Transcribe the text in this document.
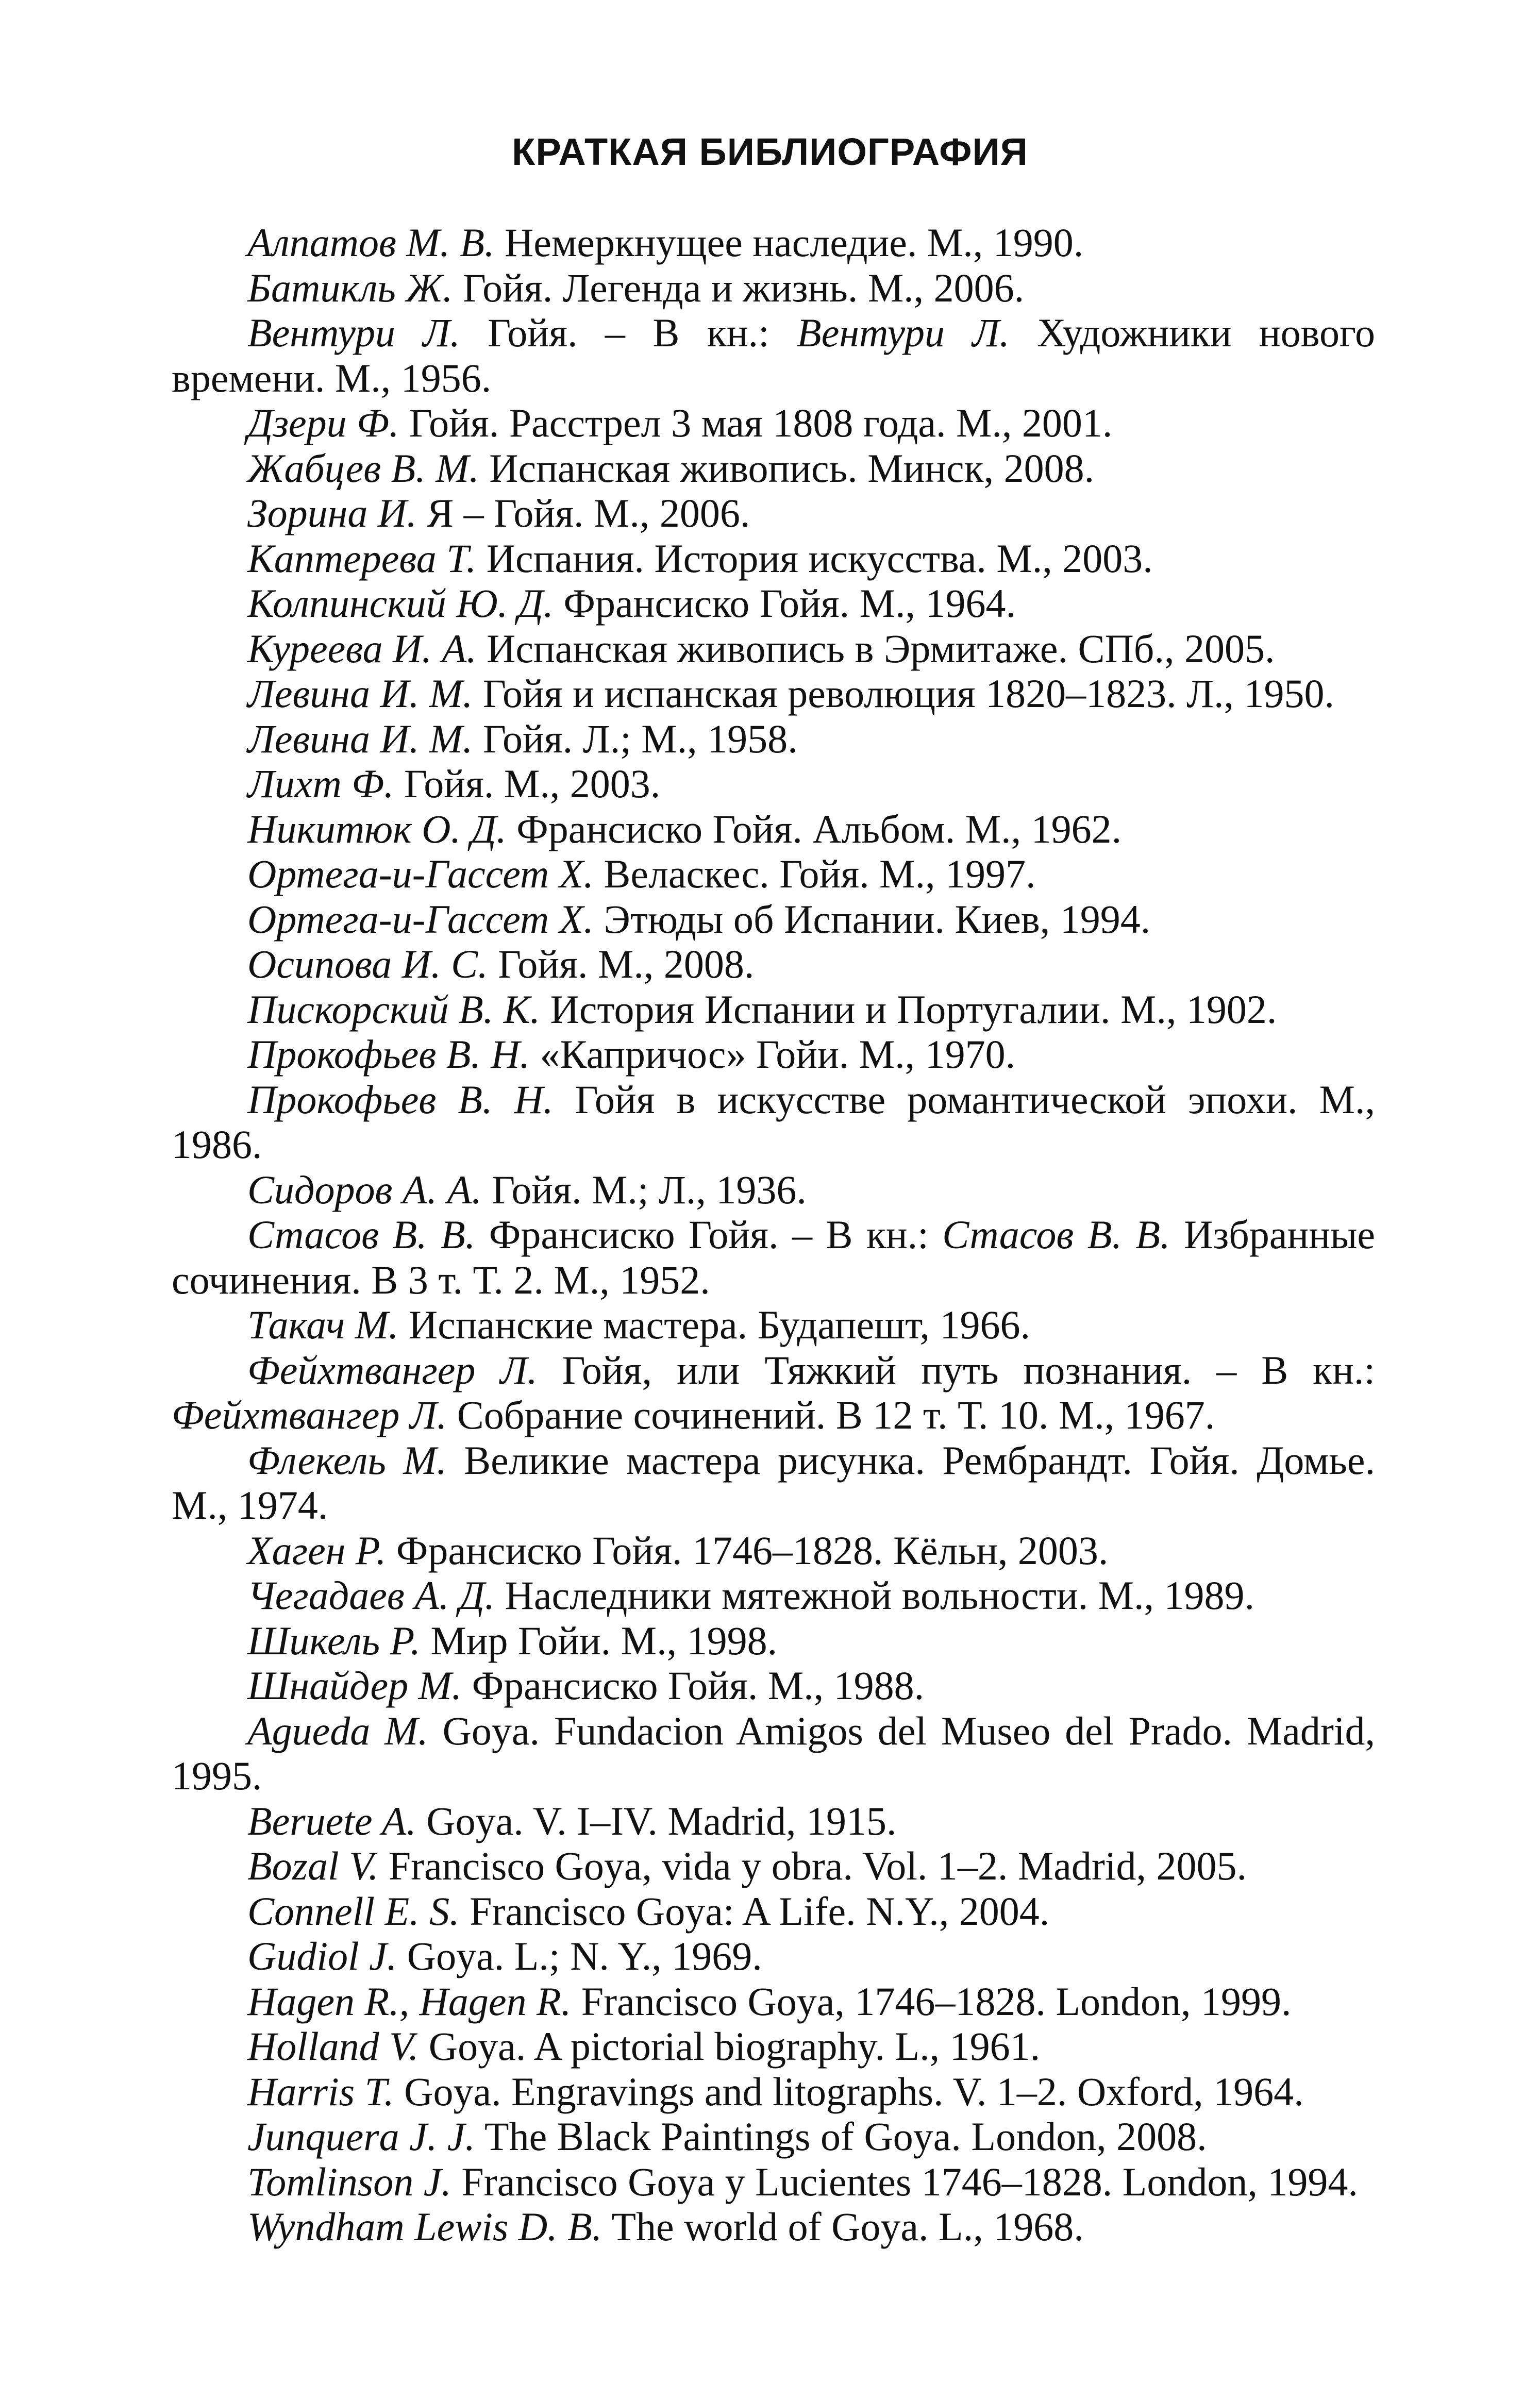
КРАТКАЯ БИБЛИОГРАФИЯ

Алпатов М. В. Немеркнущее наследие. М., 1990.

Батикль Ж. Гойя. Легенда и жизнь. М., 2006.

Вентури Л. Гойя. – В кн.: Вентури Л. Художники нового времени. М., 1956.

Дзери Ф. Гойя. Расстрел 3 мая 1808 года. М., 2001.

Жабцев В. М. Испанская живопись. Минск, 2008.

Зорина И. Я – Гойя. М., 2006.

Каптерева Т. Испания. История искусства. М., 2003.

Колпинский Ю. Д. Франсиско Гойя. М., 1964.

Куреева И. А. Испанская живопись в Эрмитаже. СПб., 2005.

Левина И. М. Гойя и испанская революция 1820–1823. Л., 1950.

Левина И. М. Гойя. Л.; М., 1958.

Лихт Ф. Гойя. М., 2003.

Никитюк О. Д. Франсиско Гойя. Альбом. М., 1962.

Ортега-и-Гассет Х. Веласкес. Гойя. М., 1997.

Ортега-и-Гассет Х. Этюды об Испании. Киев, 1994.

Осипова И. С. Гойя. М., 2008.

Пискорский В. К. История Испании и Португалии. М., 1902.

Прокофьев В. Н. «Капричос» Гойи. М., 1970.

Прокофьев В. Н. Гойя в искусстве романтической эпохи. М., 1986.

Сидоров А. А. Гойя. М.; Л., 1936.

Стасов В. В. Франсиско Гойя. – В кн.: Стасов В. В. Избранные сочинения. В 3 т. Т. 2. М., 1952.

Такач М. Испанские мастера. Будапешт, 1966.

Фейхтвангер Л. Гойя, или Тяжкий путь познания. – В кн.: Фейхтвангер Л. Собрание сочинений. В 12 т. Т. 10. М., 1967.

Флекель М. Великие мастера рисунка. Рембрандт. Гойя. Домье. М., 1974.

Хаген Р. Франсиско Гойя. 1746–1828. Кёльн, 2003.

Чегадаев А. Д. Наследники мятежной вольности. М., 1989.

Шикель Р. Мир Гойи. М., 1998.

Шнайдер М. Франсиско Гойя. М., 1988.

Agueda M. Goya. Fundacion Amigos del Museo del Prado. Madrid, 1995.

Beruete A. Goya. V. I–IV. Madrid, 1915.

Bozal V. Francisco Goya, vida y obra. Vol. 1–2. Madrid, 2005.

Connell E. S. Francisco Goya: A Life. N.Y., 2004.

Gudiol J. Goya. L.; N. Y., 1969.

Hagen R., Hagen R. Francisco Goya, 1746–1828. London, 1999.

Holland V. Goya. A pictorial biography. L., 1961.

Harris T. Goya. Engravings and litographs. V. 1–2. Oxford, 1964.

Junquera J. J. The Black Paintings of Goya. London, 2008.

Tomlinson J. Francisco Goya y Lucientes 1746–1828. London, 1994.

Wyndham Lewis D. B. The world of Goya. L., 1968.
